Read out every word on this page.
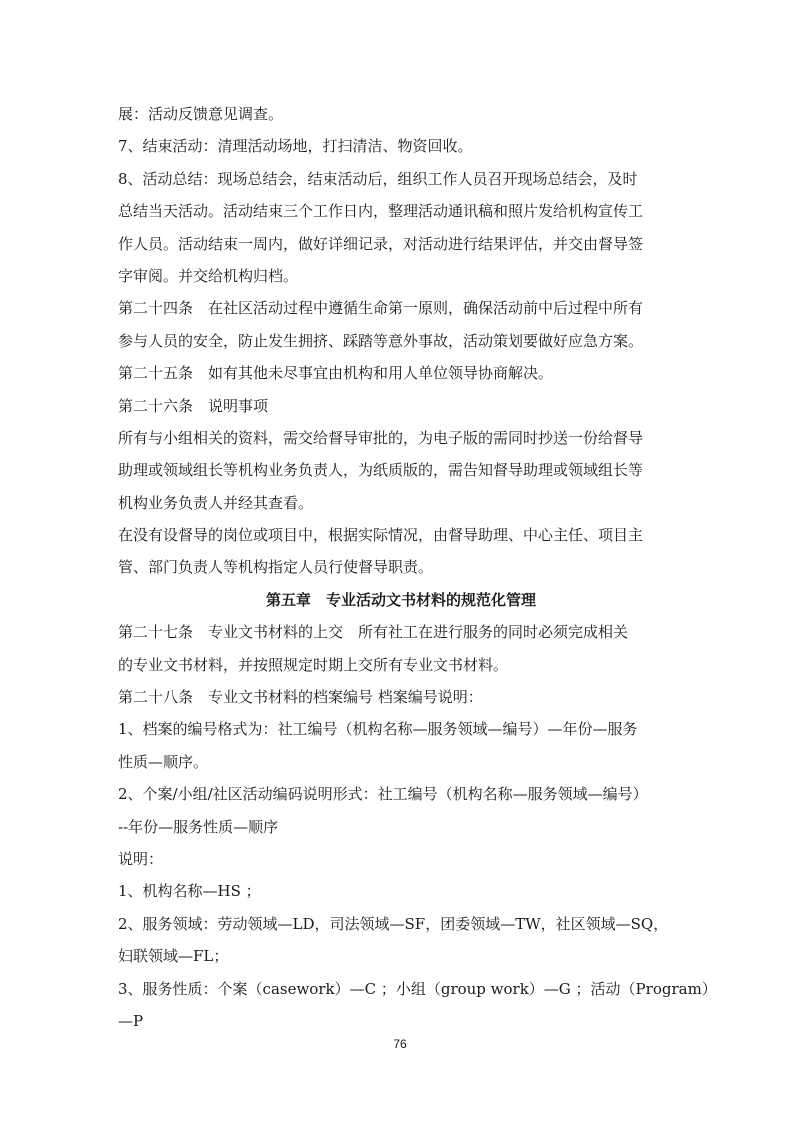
展：活动反馈意见调查。

7、结束活动：清理活动场地，打扫清洁、物资回收。

8、活动总结：现场总结会，结束活动后，组织工作人员召开现场总结会，及时

总结当天活动。活动结束三个工作日内，整理活动通讯稿和照片发给机构宣传工

作人员。活动结束一周内，做好详细记录，对活动进行结果评估，并交由督导签

字审阅。并交给机构归档。

第二十四条　在社区活动过程中遵循生命第一原则，确保活动前中后过程中所有

参与人员的安全，防止发生拥挤、踩踏等意外事故，活动策划要做好应急方案。

第二十五条　如有其他未尽事宜由机构和用人单位领导协商解决。

第二十六条　说明事项

所有与小组相关的资料，需交给督导审批的，为电子版的需同时抄送一份给督导

助理或领域组长等机构业务负责人，为纸质版的，需告知督导助理或领域组长等

机构业务负责人并经其查看。

在没有设督导的岗位或项目中，根据实际情况，由督导助理、中心主任、项目主

管、部门负责人等机构指定人员行使督导职责。

第五章　专业活动文书材料的规范化管理

第二十七条　专业文书材料的上交　所有社工在进行服务的同时必须完成相关

的专业文书材料，并按照规定时期上交所有专业文书材料。

第二十八条　专业文书材料的档案编号 档案编号说明：

1、档案的编号格式为：社工编号（机构名称—服务领域—编号）—年份—服务

性质—顺序。

2、个案/小组/社区活动编码说明形式：社工编号（机构名称—服务领域—编号）

--年份—服务性质—顺序

说明：

1、机构名称—HS ；

2、服务领域：劳动领域—LD，司法领域—SF，团委领域—TW，社区领域—SQ，

妇联领域—FL；

3、服务性质：个案（casework）—C ；小组（group work）—G ；活动（Program）

—P

76
